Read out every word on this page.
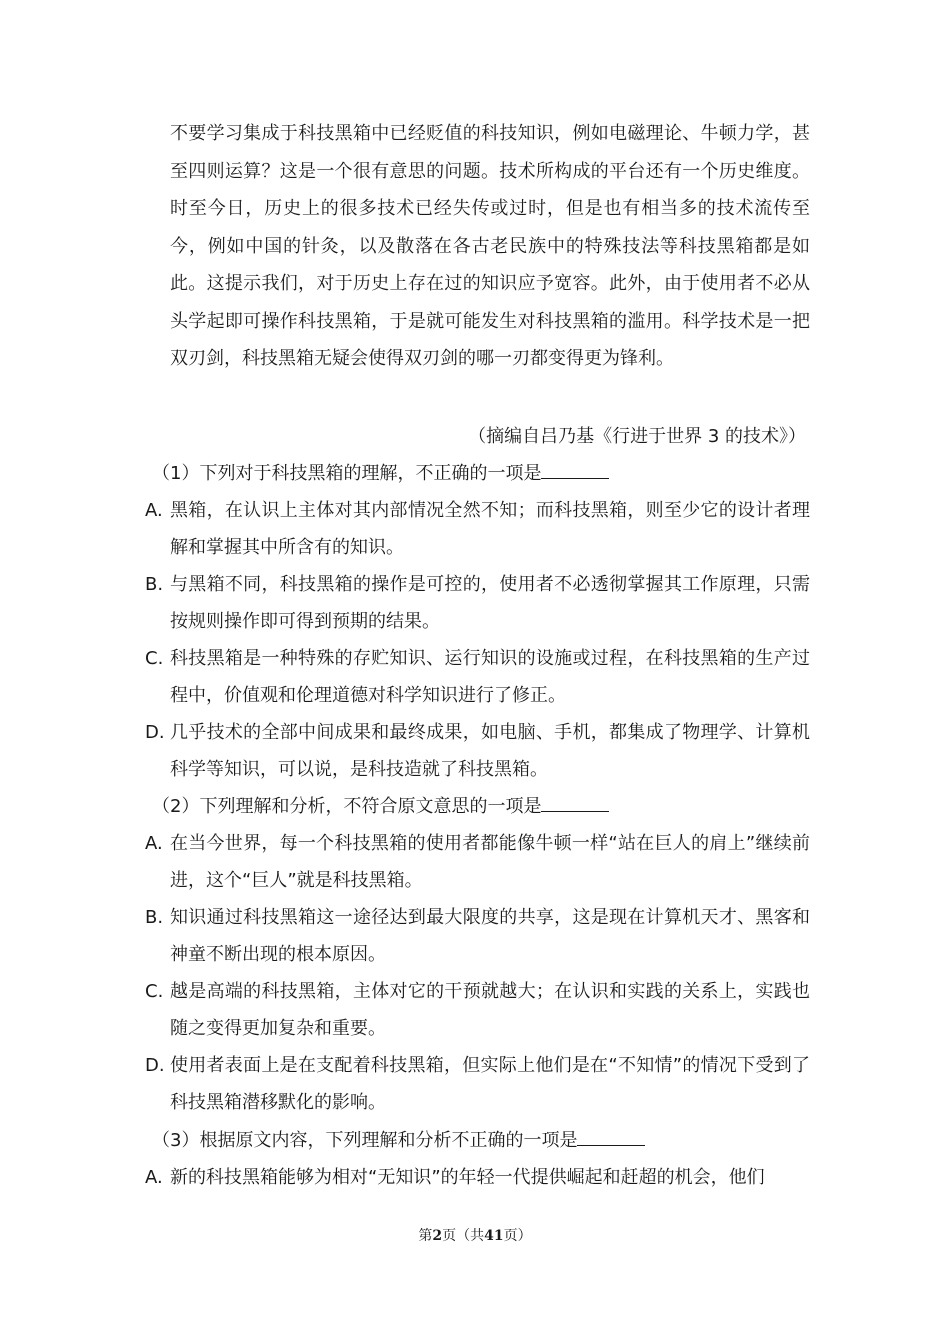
不要学习集成于科技黑箱中已经贬值的科技知识，例如电磁理论、牛顿力学，甚至四则运算？这是一个很有意思的问题。技术所构成的平台还有一个历史维度。时至今日，历史上的很多技术已经失传或过时，但是也有相当多的技术流传至今，例如中国的针灸，以及散落在各古老民族中的特殊技法等科技黑箱都是如此。这提示我们，对于历史上存在过的知识应予宽容。此外，由于使用者不必从头学起即可操作科技黑箱，于是就可能发生对科技黑箱的滥用。科学技术是一把双刃剑，科技黑箱无疑会使得双刃剑的哪一刃都变得更为锋利。
（摘编自吕乃基《行进于世界 3 的技术》）
（1）下列对于科技黑箱的理解，不正确的一项是
A. 黑箱，在认识上主体对其内部情况全然不知；而科技黑箱，则至少它的设计者理解和掌握其中所含有的知识。
B. 与黑箱不同，科技黑箱的操作是可控的，使用者不必透彻掌握其工作原理，只需按规则操作即可得到预期的结果。
C. 科技黑箱是一种特殊的存贮知识、运行知识的设施或过程，在科技黑箱的生产过程中，价值观和伦理道德对科学知识进行了修正。
D. 几乎技术的全部中间成果和最终成果，如电脑、手机，都集成了物理学、计算机科学等知识，可以说，是科技造就了科技黑箱。
（2）下列理解和分析，不符合原文意思的一项是
A. 在当今世界，每一个科技黑箱的使用者都能像牛顿一样“站在巨人的肩上”继续前进，这个“巨人”就是科技黑箱。
B. 知识通过科技黑箱这一途径达到最大限度的共享，这是现在计算机天才、黑客和神童不断出现的根本原因。
C. 越是高端的科技黑箱，主体对它的干预就越大；在认识和实践的关系上，实践也随之变得更加复杂和重要。
D. 使用者表面上是在支配着科技黑箱，但实际上他们是在“不知情”的情况下受到了科技黑箱潜移默化的影响。
（3）根据原文内容，下列理解和分析不正确的一项是
A. 新的科技黑箱能够为相对“无知识”的年轻一代提供崛起和赶超的机会，他们
第2页（共41页）
